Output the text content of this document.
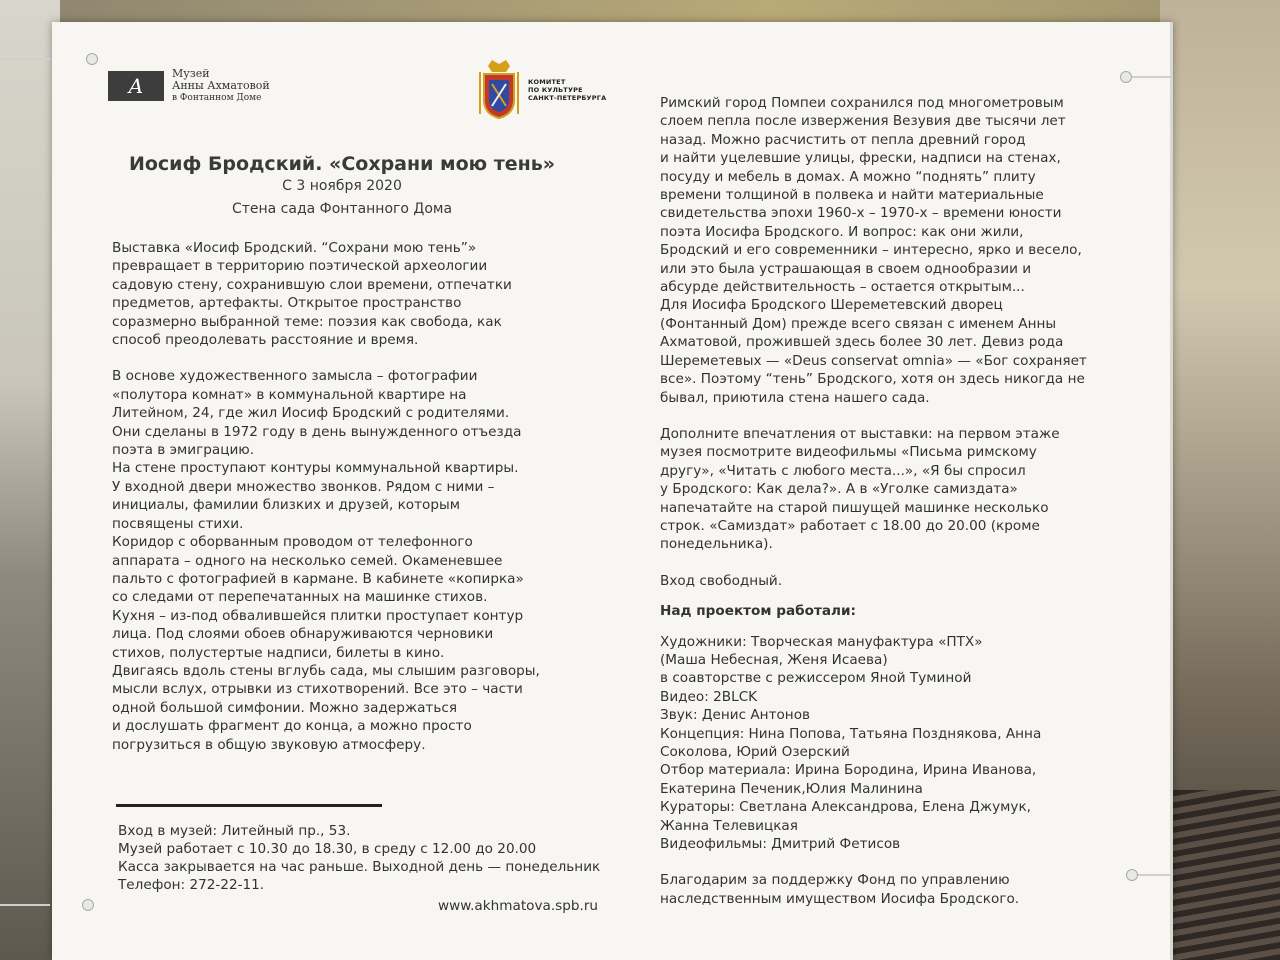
A
Музей
Анны Ахматовой
в Фонтанном Доме
КОМИТЕТ
ПО КУЛЬТУРЕ
САНКТ-ПЕТЕРБУРГА
Иосиф Бродский. «Сохрани мою тень»
С 3 ноября 2020
Стена сада Фонтанного Дома

Выставка «Иосиф Бродский. “Сохрани мою тень”»
превращает в территорию поэтической археологии
садовую стену, сохранившую слои времени, отпечатки
предметов, артефакты. Открытое пространство
соразмерно выбранной теме: поэзия как свобода, как
способ преодолевать расстояние и время.

В основе художественного замысла – фотографии
«полутора комнат» в коммунальной квартире на
Литейном, 24, где жил Иосиф Бродский с родителями.
Они сделаны в 1972 году в день вынужденного отъезда
поэта в эмиграцию.
На стене проступают контуры коммунальной квартиры.
У входной двери множество звонков. Рядом с ними –
инициалы, фамилии близких и друзей, которым
посвящены стихи.
Коридор с оборванным проводом от телефонного
аппарата – одного на несколько семей. Окаменевшее
пальто с фотографией в кармане. В кабинете «копирка»
со следами от перепечатанных на машинке стихов.
Кухня – из-под обвалившейся плитки проступает контур
лица. Под слоями обоев обнаруживаются черновики
стихов, полустертые надписи, билеты в кино.
Двигаясь вдоль стены вглубь сада, мы слышим разговоры,
мысли вслух, отрывки из стихотворений. Все это – части
одной большой симфонии. Можно задержаться
и дослушать фрагмент до конца, а можно просто
погрузиться в общую звуковую атмосферу.

Вход в музей: Литейный пр., 53.
Музей работает с 10.30 до 18.30, в среду с 12.00 до 20.00
Касса закрывается на час раньше. Выходной день — понедельник
Телефон: 272-22-11.
www.akhmatova.spb.ru

Римский город Помпеи сохранился под многометровым
слоем пепла после извержения Везувия две тысячи лет
назад. Можно расчистить от пепла древний город
и найти уцелевшие улицы, фрески, надписи на стенах,
посуду и мебель в домах. А можно “поднять” плиту
времени толщиной в полвека и найти материальные
свидетельства эпохи 1960-х – 1970-х – времени юности
поэта Иосифа Бродского. И вопрос: как они жили,
Бродский и его современники – интересно, ярко и весело,
или это была устрашающая в своем однообразии и
абсурде действительность – остается открытым...
Для Иосифа Бродского Шереметевский дворец
(Фонтанный Дом) прежде всего связан с именем Анны
Ахматовой, прожившей здесь более 30 лет. Девиз рода
Шереметевых — «Deus conservat omnia» — «Бог сохраняет
все». Поэтому “тень” Бродского, хотя он здесь никогда не
бывал, приютила стена нашего сада.

Дополните впечатления от выставки: на первом этаже
музея посмотрите видеофильмы «Письма римскому
другу», «Читать с любого места...», «Я бы спросил
у Бродского: Как дела?». А в «Уголке самиздата»
напечатайте на старой пишущей машинке несколько
строк. «Самиздат» работает с 18.00 до 20.00 (кроме
понедельника).

Вход свободный.

Над проектом работали:

Художники: Творческая мануфактура «ПТХ»
(Маша Небесная, Женя Исаева)
в соавторстве с режиссером Яной Туминой
Видео: 2BLCK
Звук: Денис Антонов
Концепция: Нина Попова, Татьяна Позднякова, Анна
Соколова, Юрий Озерский
Отбор материала: Ирина Бородина, Ирина Иванова,
Екатерина Печеник,Юлия Малинина
Кураторы: Светлана Александрова, Елена Джумук,
Жанна Телевицкая
Видеофильмы: Дмитрий Фетисов

Благодарим за поддержку Фонд по управлению
наследственным имуществом Иосифа Бродского.
